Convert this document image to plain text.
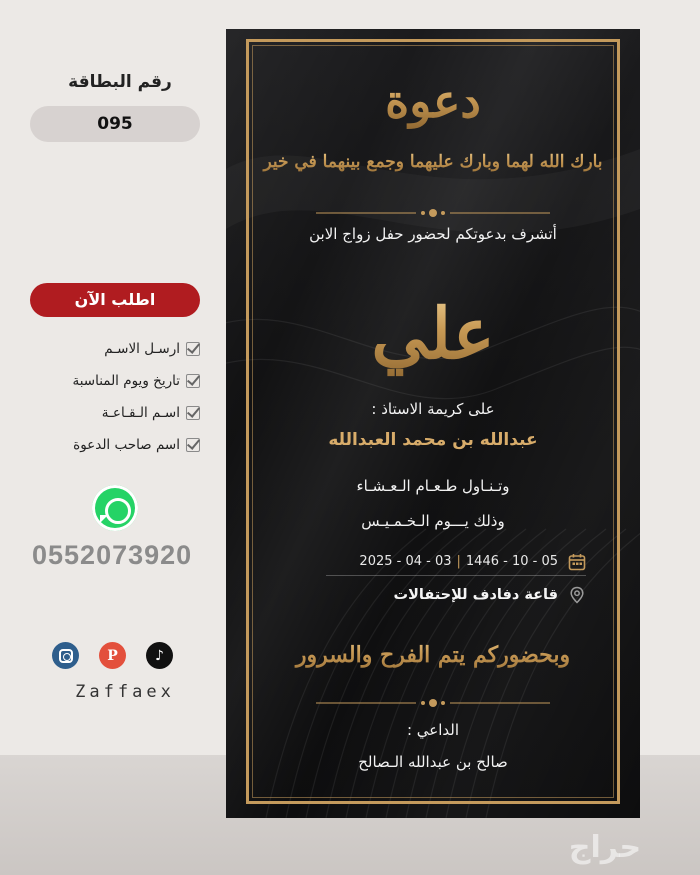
رقم البطاقة
095
اطلب الآن
ارسـل الاسـم
تاريخ ويوم المناسبة
اسـم الـقـاعـة
اسم صاحب الدعوة
0552073920
P	♪
Zaffaex
دعوة
بارك الله لهما وبارك عليهما وجمع بينهما في خير
أتشرف بدعوتكم لحضور حفل زواج الابن
علي
على كريمة الاستاذ :
عبدالله بن محمد العبدالله
وتـنـاول طـعـام الـعـشـاء
وذلك يـــوم الـخـمـيـس
2025 - 04 - 03 | 1446 - 10 - 05
قاعة دفادف للإحتفالات
وبحضوركم يتم الفرح والسرور
الداعي :
صالح بن عبدالله الـصالح
حراج
